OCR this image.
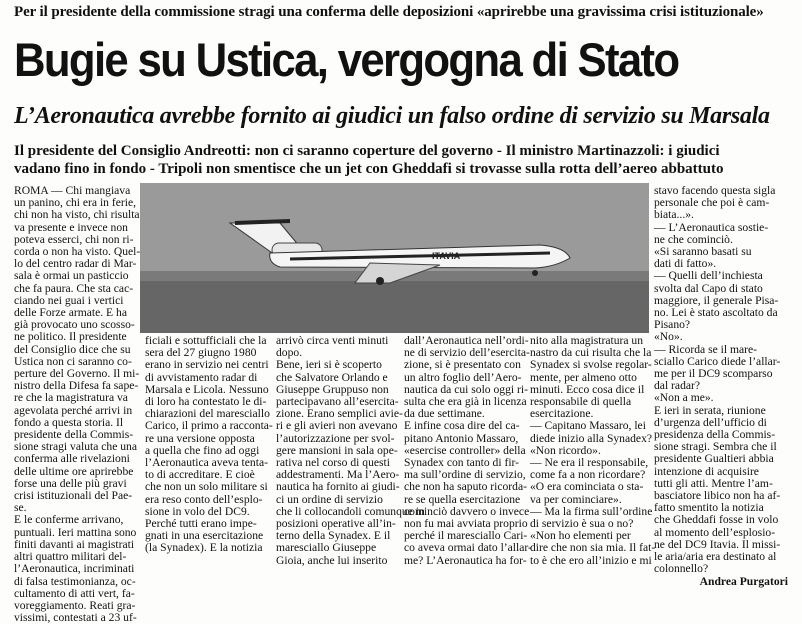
Per il presidente della commissione stragi una conferma delle deposizioni «aprirebbe una gravissima crisi istituzionale»
Bugie su Ustica, vergogna di Stato
L’Aeronautica avrebbe fornito ai giudici un falso ordine di servizio su Marsala
Il presidente del Consiglio Andreotti: non ci saranno coperture del governo - Il ministro Martinazzoli: i giudici
vadano fino in fondo - Tripoli non smentisce che un jet con Gheddafi si trovasse sulla rotta dell’aereo abbattuto
ITAVIA

ROMA — Chi mangiava

un panino, chi era in ferie,

chi non ha visto, chi risulta

va presente e invece non

poteva esserci, chi non ri-

corda o non ha visto. Quel-

lo del centro radar di Mar-

sala è ormai un pasticcio

che fa paura. Che sta cac-

ciando nei guai i vertici

delle Forze armate. E ha

già provocato uno scosso-

ne politico. Il presidente

del Consiglio dice che su

Ustica non ci saranno co-

perture del Governo. Il mi-

nistro della Difesa fa sape-

re che la magistratura va

agevolata perché arrivi in

fondo a questa storia. Il

presidente della Commis-

sione stragi valuta che una

conferma alle rivelazioni

delle ultime ore aprirebbe

forse una delle più gravi

crisi istituzionali del Pae-

se.

E le conferme arrivano,

puntuali. Ieri mattina sono

finiti davanti ai magistrati

altri quattro militari del-

l’Aeronautica, incriminati

di falsa testimonianza, oc-

cultamento di atti vert, fa-

voreggiamento. Reati gra-

vissimi, contestati a 23 uf-

ficiali e sottufficiali che la

sera del 27 giugno 1980

erano in servizio nei centri

di avvistamento radar di

Marsala e Licola. Nessuno

di loro ha contestato le di-

chiarazioni del maresciallo

Carico, il primo a racconta-

re una versione opposta

a quella che fino ad oggi

l’Aeronautica aveva tenta-

to di accreditare. E cioè

che non un solo militare si

era reso conto dell’esplo-

sione in volo del DC9.

Perché tutti erano impe-

gnati in una esercitazione

(la Synadex). E la notizia

arrivò circa venti minuti

dopo.

Bene, ieri si è scoperto

che Salvatore Orlando e

Giuseppe Gruppuso non

partecipavano all’esercita-

zione. Erano semplici avie-

ri e gli avieri non avevano

l’autorizzazione per svol-

gere mansioni in sala ope-

rativa nel corso di questi

addestramenti. Ma l’Aero-

nautica ha fornito ai giudi-

ci un ordine di servizio

che li collocandoli comunque in

posizioni operative all’in-

terno della Synadex. E il

maresciallo Giuseppe

Gioia, anche lui inserito

dall’Aeronautica nell’ordi-

ne di servizio dell’esercita-

zione, si è presentato con

un altro foglio dell’Aero-

nautica da cui solo oggi ri-

sulta che era già in licenza

da due settimane.

E infine cosa dire del ca-

pitano Antonio Massaro,

«esercise controller» della

Synadex con tanto di fir-

ma sull’ordine di servizio,

che non ha saputo ricorda-

re se quella esercitazione

cominciò davvero o invece

non fu mai avviata proprio

perché il maresciallo Cari-

co aveva ormai dato l’allar-

me? L’Aeronautica ha for-

nito alla magistratura un

nastro da cui risulta che la

Synadex si svolse regolar-

mente, per almeno otto

minuti. Ecco cosa dice il

responsabile di quella

esercitazione.

— Capitano Massaro, lei

diede inizio alla Synadex?

«Non ricordo».

— Ne era il responsabile,

come fa a non ricordare?

«O era cominciata o sta-

va per cominciare».

— Ma la firma sull’ordine

di servizio è sua o no?

«Non ho elementi per

dire che non sia mia. Il fat-

to è che ero all’inizio e mi

stavo facendo questa sigla

personale che poi è cam-

biata...».

— L’Aeronautica sostie-

ne che cominciò.

«Si saranno basati su

dati di fatto».

— Quelli dell’inchiesta

svolta dal Capo di stato

maggiore, il generale Pisa-

no. Lei è stato ascoltato da

Pisano?

«No».

— Ricorda se il mare-

sciallo Carico diede l’allar-

me per il DC9 scomparso

dal radar?

«Non a me».

E ieri in serata, riunione

d’urgenza dell’ufficio di

presidenza della Commis-

sione stragi. Sembra che il

presidente Gualtieri abbia

intenzione di acquisire

tutti gli atti. Mentre l’am-

basciatore libico non ha af-

fatto smentito la notizia

che Gheddafi fosse in volo

al momento dell’esplosio-

ne del DC9 Itavia. Il missi-

le aria/aria era destinato al

colonnello?

Andrea Purgatori
